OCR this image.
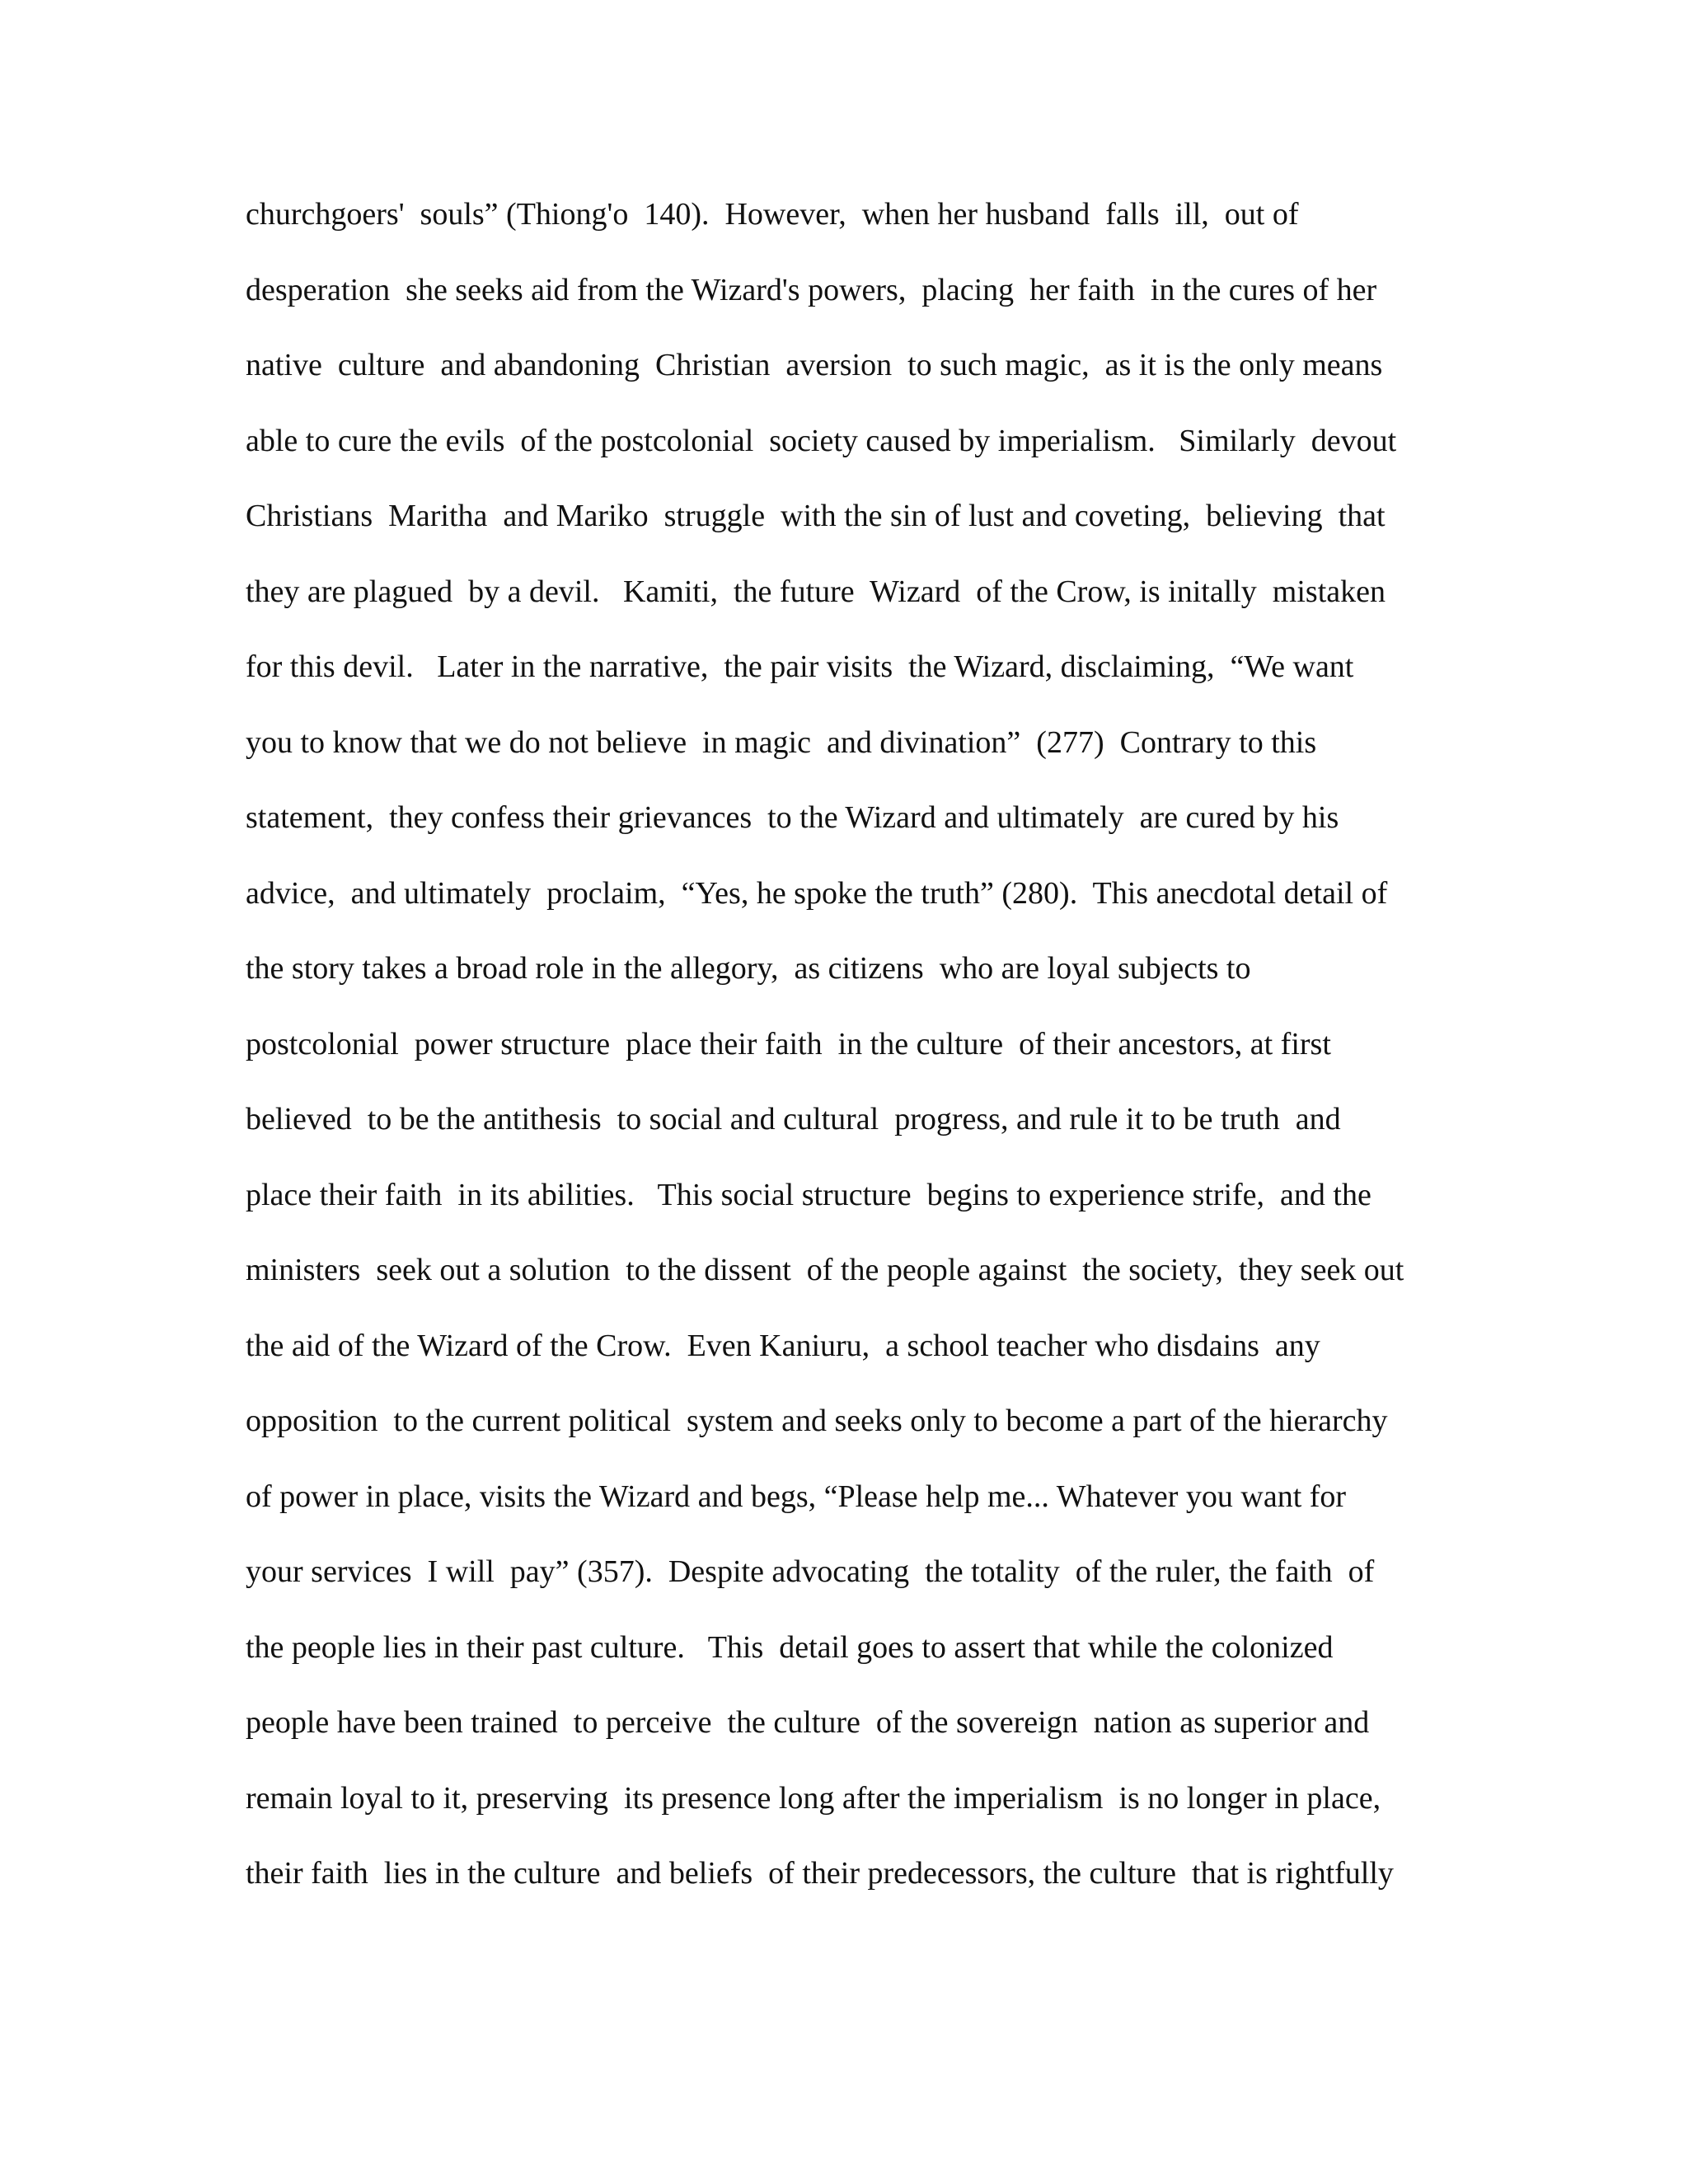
churchgoers'  souls” (Thiong'o  140).  However,  when her husband  falls  ill,  out of
desperation  she seeks aid from the Wizard's powers,  placing  her faith  in the cures of her
native  culture  and abandoning  Christian  aversion  to such magic,  as it is the only means
able to cure the evils  of the postcolonial  society caused by imperialism.   Similarly  devout
Christians  Maritha  and Mariko  struggle  with the sin of lust and coveting,  believing  that
they are plagued  by a devil.   Kamiti,  the future  Wizard  of the Crow, is initally  mistaken
for this devil.   Later in the narrative,  the pair visits  the Wizard, disclaiming,  “We want
you to know that we do not believe  in magic  and divination”  (277)  Contrary to this
statement,  they confess their grievances  to the Wizard and ultimately  are cured by his
advice,  and ultimately  proclaim,  “Yes, he spoke the truth” (280).  This anecdotal detail of
the story takes a broad role in the allegory,  as citizens  who are loyal subjects to
postcolonial  power structure  place their faith  in the culture  of their ancestors, at first
believed  to be the antithesis  to social and cultural  progress, and rule it to be truth  and
place their faith  in its abilities.   This social structure  begins to experience strife,  and the
ministers  seek out a solution  to the dissent  of the people against  the society,  they seek out
the aid of the Wizard of the Crow.  Even Kaniuru,  a school teacher who disdains  any
opposition  to the current political  system and seeks only to become a part of the hierarchy
of power in place, visits the Wizard and begs, “Please help me... Whatever you want for
your services  I will  pay” (357).  Despite advocating  the totality  of the ruler, the faith  of
the people lies in their past culture.   This  detail goes to assert that while the colonized
people have been trained  to perceive  the culture  of the sovereign  nation as superior and
remain loyal to it, preserving  its presence long after the imperialism  is no longer in place,
their faith  lies in the culture  and beliefs  of their predecessors, the culture  that is rightfully
